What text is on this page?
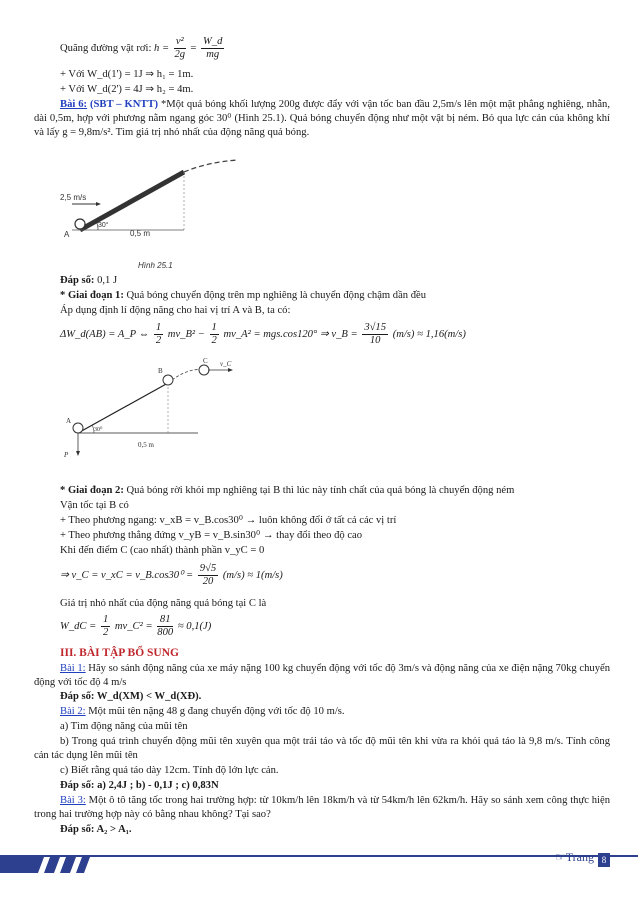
Quãng đường vật rơi: $h = \frac{\text{v²}}{2g} = \frac{W\_d}{mg}$
+ Với W_d(1') = 1J ⇒ h₁ = 1m.
+ Với W_d(2') = 4J ⇒ h₂ = 4m.
Bài 6: (SBT – KNTT) *Một quả bóng khối lượng 200g được đẩy với vận tốc ban đầu 2,5m/s lên một mặt phẳng nghiêng, nhẵn, dài 0,5m, hợp với phương nằm ngang góc 30⁰ (Hình 25.1). Quả bóng chuyển động như một vật bị ném. Bỏ qua lực cản của không khí và lấy g = 9,8m/s². Tìm giá trị nhỏ nhất của động năng quả bóng.
2,5 m/s
30°
A	0,5 m
Hình 25.1
Đáp số: 0,1 J
* Giai đoạn 1: Quả bóng chuyển động trên mp nghiêng là chuyển động chậm dần đều
Áp dụng định lí động năng cho hai vị trí A và B, ta có:
ΔW_d(AB) = A_P ⇔ $\frac{1}{2}$ mv_B² − $\frac{1}{2}$ mv_A² = mgs.cos120° ⇒ v_B = $\frac{3√15}{10} (m/s) \approx 1,16(m/s)$
C v_C
B
A
30⁰
0,5 m
P
* Giai đoạn 2: Quả bóng rời khỏi mp nghiêng tại B thì lúc này tính chất của quả bóng là chuyển động ném
Vận tốc tại B có
+ Theo phương ngang: v_xB = v_B.cos30⁰ → luôn không đổi ở tất cả các vị trí
+ Theo phương thẳng đứng v_yB = v_B.sin30⁰ → thay đổi theo độ cao
Khi đến điểm C (cao nhất) thành phần v_yC = 0
⇒ v_C = v_xC = v_B.cos30⁰ = $\frac{9√5}{20} (m/s) \approx 1(m/s)$
Giá trị nhỏ nhất của động năng quả bóng tại C là
W_dC = $\frac{1}{2}$ mv_C² = $\frac{81}{800} \approx 0,1(J)$
III. BÀI TẬP BỔ SUNG
Bài 1: Hãy so sánh động năng của xe máy nặng 100 kg chuyển động với tốc độ 3m/s và động năng của xe điện nặng 70kg chuyển động với tốc độ 4 m/s
Đáp số: W_d(XM) < W_d(XĐ).
Bài 2: Một mũi tên nặng 48 g đang chuyển động với tốc độ 10 m/s.
a) Tìm động năng của mũi tên
b) Trong quá trình chuyển động mũi tên xuyên qua một trái táo và tốc độ mũi tên khi vừa ra khỏi quả táo là 9,8 m/s. Tính công cản tác dụng lên mũi tên
c) Biết rằng quả táo dày 12cm. Tính độ lớn lực cản.
Đáp số: a) 2,4J ; b) - 0,1J ; c) 0,83N
Bài 3: Một ô tô tăng tốc trong hai trường hợp: từ 10km/h lên 18km/h và từ 54km/h lên 62km/h. Hãy so sánh xem công thực hiện trong hai trường hợp này có bằng nhau không? Tại sao?
Đáp số: A₂ > A₁.
☞Trang 8
